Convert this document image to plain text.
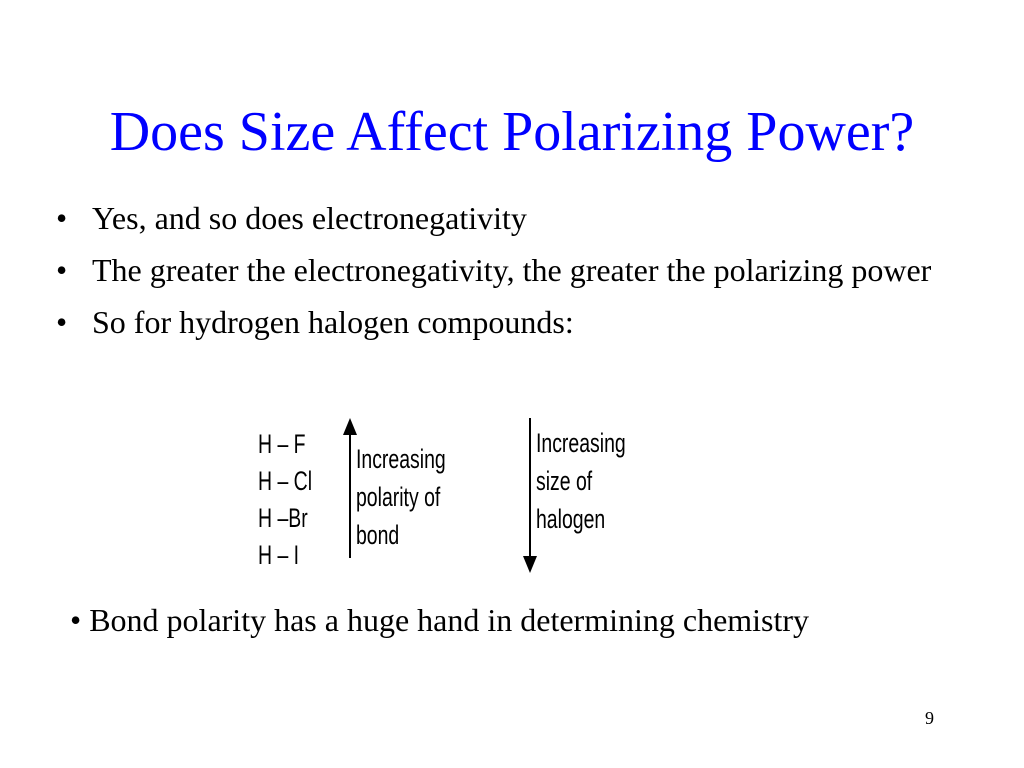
Does Size Affect Polarizing Power?
• Yes, and so does electronegativity
• The greater the electronegativity, the greater the polarizing power
• So for hydrogen halogen compounds:
H – F
H – Cl
H –Br
H – I
Increasing
polarity of
bond
Increasing
size of
halogen
• Bond polarity has a huge hand in determining chemistry
9
